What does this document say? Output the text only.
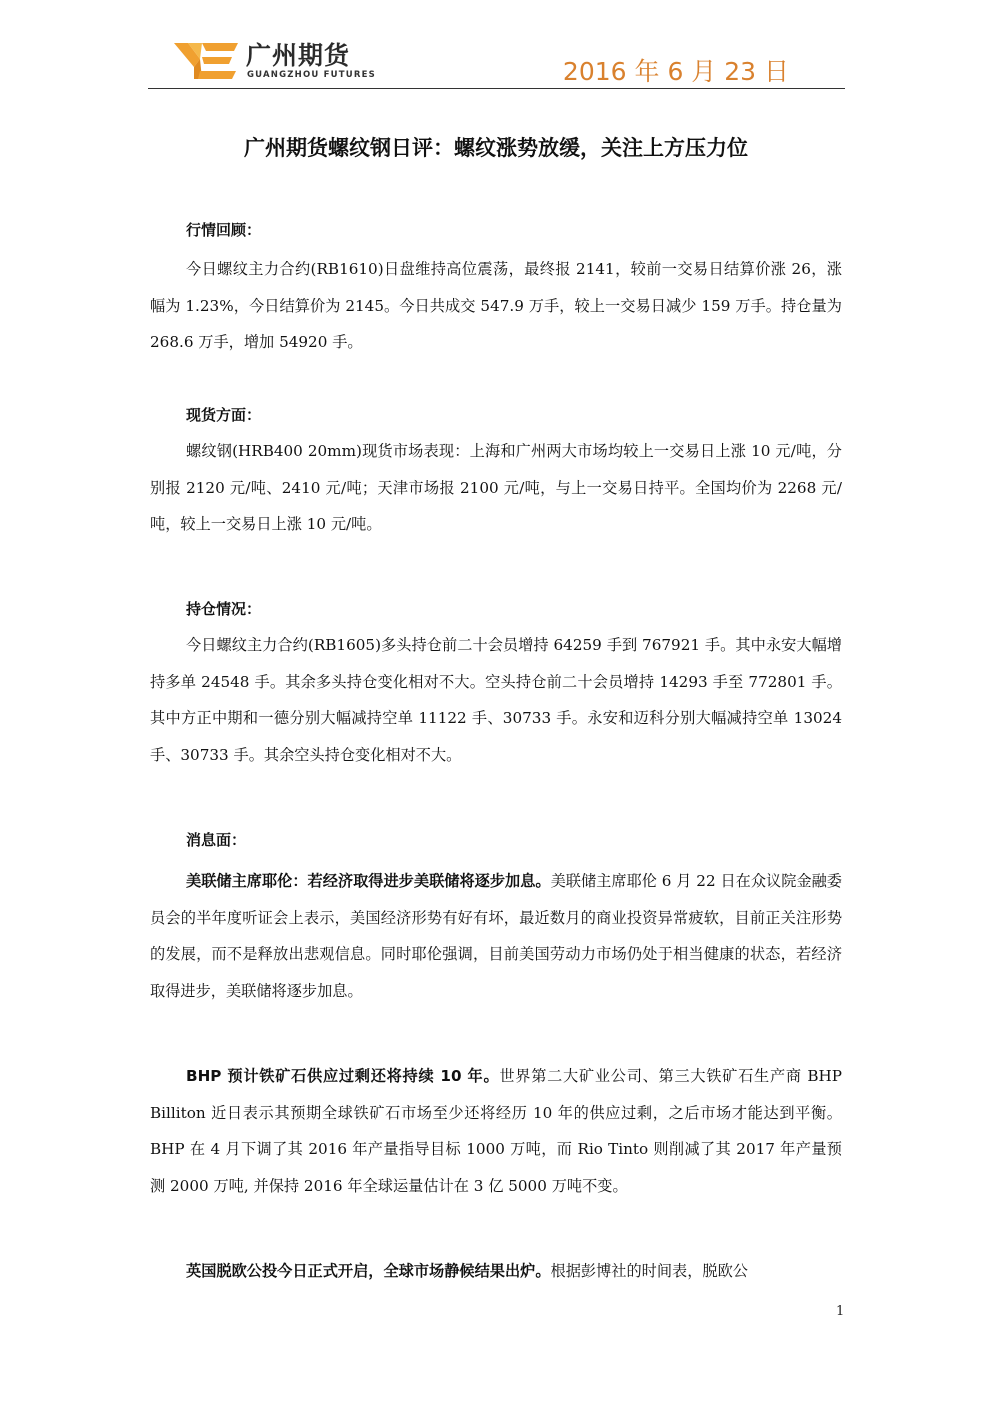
广州期货
GUANGZHOU FUTURES	2016 年 6 月 23 日
广州期货螺纹钢日评：螺纹涨势放缓，关注上方压力位
行情回顾：
今日螺纹主力合约(RB1610)日盘维持高位震荡，最终报 2141，较前一交易日结算价涨 26，涨幅为 1.23%，今日结算价为 2145。今日共成交 547.9 万手，较上一交易日减少 159 万手。持仓量为 268.6 万手，增加 54920 手。
现货方面：
螺纹钢(HRB400 20mm)现货市场表现：上海和广州两大市场均较上一交易日上涨 10 元/吨，分别报 2120 元/吨、2410 元/吨；天津市场报 2100 元/吨，与上一交易日持平。全国均价为 2268 元/吨，较上一交易日上涨 10 元/吨。
持仓情况：
今日螺纹主力合约(RB1605)多头持仓前二十会员增持 64259 手到 767921 手。其中永安大幅增持多单 24548 手。其余多头持仓变化相对不大。空头持仓前二十会员增持 14293 手至 772801 手。其中方正中期和一德分别大幅减持空单 11122 手、30733 手。永安和迈科分别大幅减持空单 13024 手、30733 手。其余空头持仓变化相对不大。
消息面：
美联储主席耶伦：若经济取得进步美联储将逐步加息。美联储主席耶伦 6 月 22 日在众议院金融委员会的半年度听证会上表示，美国经济形势有好有坏，最近数月的商业投资异常疲软，目前正关注形势的发展，而不是释放出悲观信息。同时耶伦强调，目前美国劳动力市场仍处于相当健康的状态，若经济取得进步，美联储将逐步加息。
BHP 预计铁矿石供应过剩还将持续 10 年。世界第二大矿业公司、第三大铁矿石生产商 BHP Billiton 近日表示其预期全球铁矿石市场至少还将经历 10 年的供应过剩，之后市场才能达到平衡。BHP 在 4 月下调了其 2016 年产量指导目标 1000 万吨，而 Rio Tinto 则削减了其 2017 年产量预测 2000 万吨, 并保持 2016 年全球运量估计在 3 亿 5000 万吨不变。
英国脱欧公投今日正式开启，全球市场静候结果出炉。根据彭博社的时间表，脱欧公
1
